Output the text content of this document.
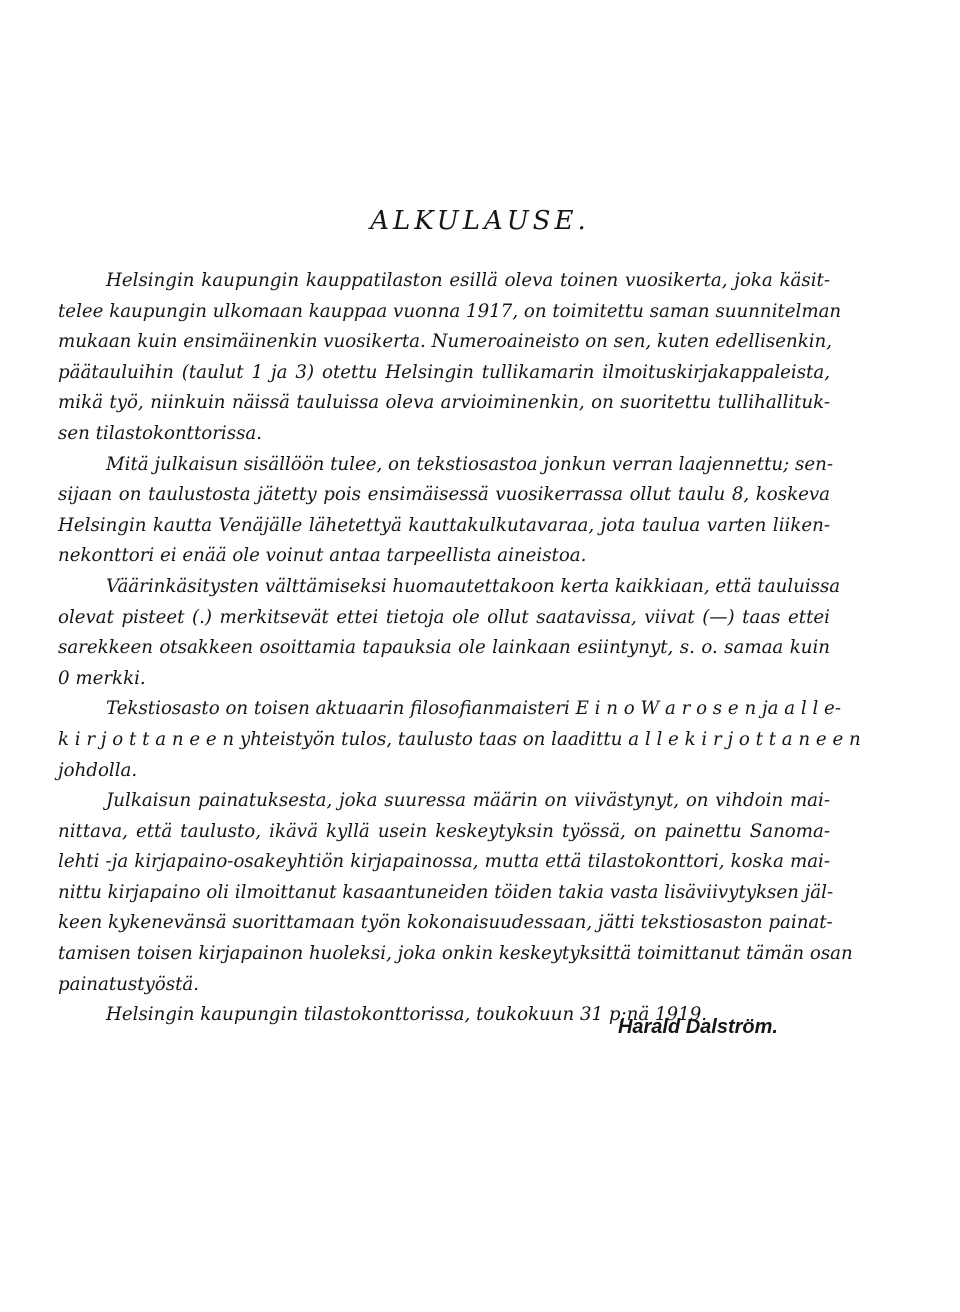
ALKULAUSE.
Helsingin kaupungin kauppatilaston esillä oleva toinen vuosikerta, joka käsit-
telee kaupungin ulkomaan kauppaa vuonna 1917, on toimitettu saman suunnitelman
mukaan kuin ensimäinenkin vuosikerta. Numeroaineisto on sen, kuten edellisenkin,
päätauluihin (taulut 1 ja 3) otettu Helsingin tullikamarin ilmoituskirjakappaleista,
mikä työ, niinkuin näissä tauluissa oleva arvioiminenkin, on suoritettu tullihallituk-
sen tilastokonttorissa.
Mitä julkaisun sisällöön tulee, on tekstiosastoa jonkun verran laajennettu; sen-
sijaan on taulustosta jätetty pois ensimäisessä vuosikerrassa ollut taulu 8, koskeva
Helsingin kautta Venäjälle lähetettyä kauttakulkutavaraa, jota taulua varten liiken-
nekonttori ei enää ole voinut antaa tarpeellista aineistoa.
Väärinkäsitysten välttämiseksi huomautettakoon kerta kaikkiaan, että tauluissa
olevat pisteet (.) merkitsevät ettei tietoja ole ollut saatavissa, viivat (—) taas ettei
sarekkeen otsakkeen osoittamia tapauksia ole lainkaan esiintynyt, s. o. samaa kuin
0 merkki.
Tekstiosasto on toisen aktuaarin filosofianmaisteri E i n o W a r o s e n ja a l l e-
k i r j o t t a n e e n yhteistyön tulos, taulusto taas on laadittu a l l e k i r j o t t a n e e n
johdolla.
Julkaisun painatuksesta, joka suuressa määrin on viivästynyt, on vihdoin mai-
nittava, että taulusto, ikävä kyllä usein keskeytyksin työssä, on painettu Sanoma-
lehti -ja kirjapaino-osakeyhtiön kirjapainossa, mutta että tilastokonttori, koska mai-
nittu kirjapaino oli ilmoittanut kasaantuneiden töiden takia vasta lisäviivytyksen jäl-
keen kykenevänsä suorittamaan työn kokonaisuudessaan, jätti tekstiosaston painat-
tamisen toisen kirjapainon huoleksi, joka onkin keskeytyksittä toimittanut tämän osan
painatustyöstä.
Helsingin kaupungin tilastokonttorissa, toukokuun 31 p:nä 1919.

Harald Dalström.
